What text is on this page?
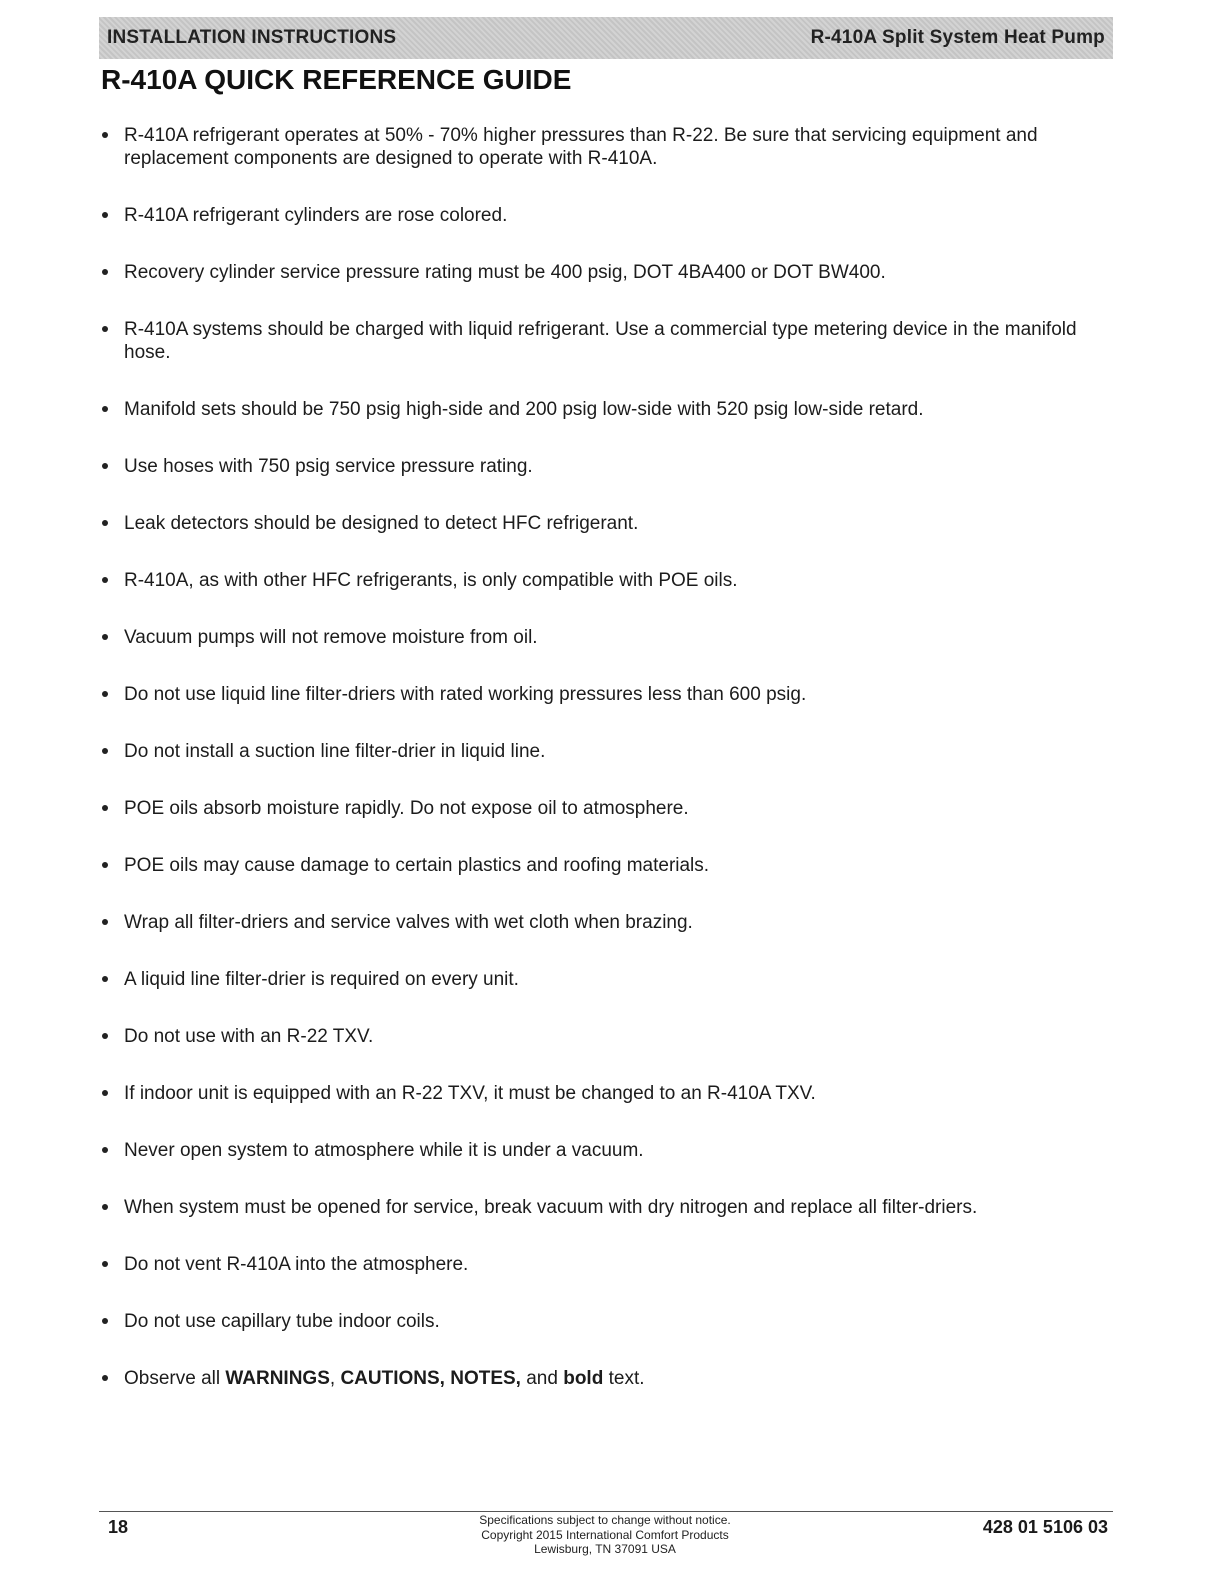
INSTALLATION INSTRUCTIONS	R-410A Split System Heat Pump
R-410A QUICK REFERENCE GUIDE
R-410A refrigerant operates at 50% - 70% higher pressures than R-22. Be sure that servicing equipment and replacement components are designed to operate with R-410A.
R-410A refrigerant cylinders are rose colored.
Recovery cylinder service pressure rating must be 400 psig, DOT 4BA400 or DOT BW400.
R-410A systems should be charged with liquid refrigerant. Use a commercial type metering device in the manifold hose.
Manifold sets should be 750 psig high-side and 200 psig low-side with 520 psig low-side retard.
Use hoses with 750 psig service pressure rating.
Leak detectors should be designed to detect HFC refrigerant.
R-410A, as with other HFC refrigerants, is only compatible with POE oils.
Vacuum pumps will not remove moisture from oil.
Do not use liquid line filter-driers with rated working pressures less than 600 psig.
Do not install a suction line filter-drier in liquid line.
POE oils absorb moisture rapidly. Do not expose oil to atmosphere.
POE oils may cause damage to certain plastics and roofing materials.
Wrap all filter-driers and service valves with wet cloth when brazing.
A liquid line filter-drier is required on every unit.
Do not use with an R-22 TXV.
If indoor unit is equipped with an R-22 TXV, it must be changed to an R-410A TXV.
Never open system to atmosphere while it is under a vacuum.
When system must be opened for service, break vacuum with dry nitrogen and replace all filter-driers.
Do not vent R-410A into the atmosphere.
Do not use capillary tube indoor coils.
Observe all WARNINGS, CAUTIONS, NOTES, and bold text.
18	Specifications subject to change without notice.
Copyright 2015 International Comfort Products
Lewisburg, TN 37091 USA
428 01 5106 03
